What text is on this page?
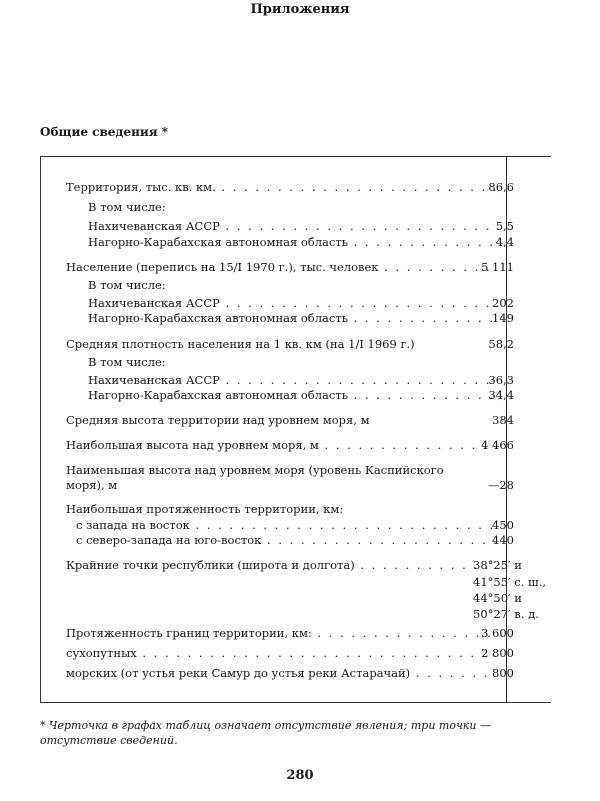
Приложения
Общие сведения *
Территория, тыс. кв. км. . . .	86,6
В том числе:
Нахичеванская АССР . . .	5,5
Нагорно-Карабахская автономная область . . .	4,4
Население (перепись на 15/I 1970 г.), тыс. человек . . .	5 111
В том числе:
Нахичеванская АССР . . .	202
Нагорно-Карабахская автономная область . . .	149
Средняя плотность населения на 1 кв. км (на 1/I 1969 г.)	58,2
В том числе:
Нахичеванская АССР . . .	36,3
Нагорно-Карабахская автономная область . . .	34,4
Средняя высота территории над уровнем моря, м	384
Наибольшая высота над уровнем моря, м . . .	4 466
Наименьшая высота над уровнем моря (уровень Каспийского
моря), м	—28
Наибольшая протяженность территории, км:
с запада на восток . . .	450
с северо-запада на юго-восток . . .	440
Крайние точки республики (широта и долгота) . . .	38°25′ и
41°55′ с. ш.,
44°50′ и
50°27′ в. д.
Протяженность границ территории, км: . . .	3 600
сухопутных . . .	2 800
морских (от устья реки Самур до устья реки Астарачай) . . .	800
* Черточка в графах таблиц означает отсутствие явления; три точки — отсутствие сведений.
280
